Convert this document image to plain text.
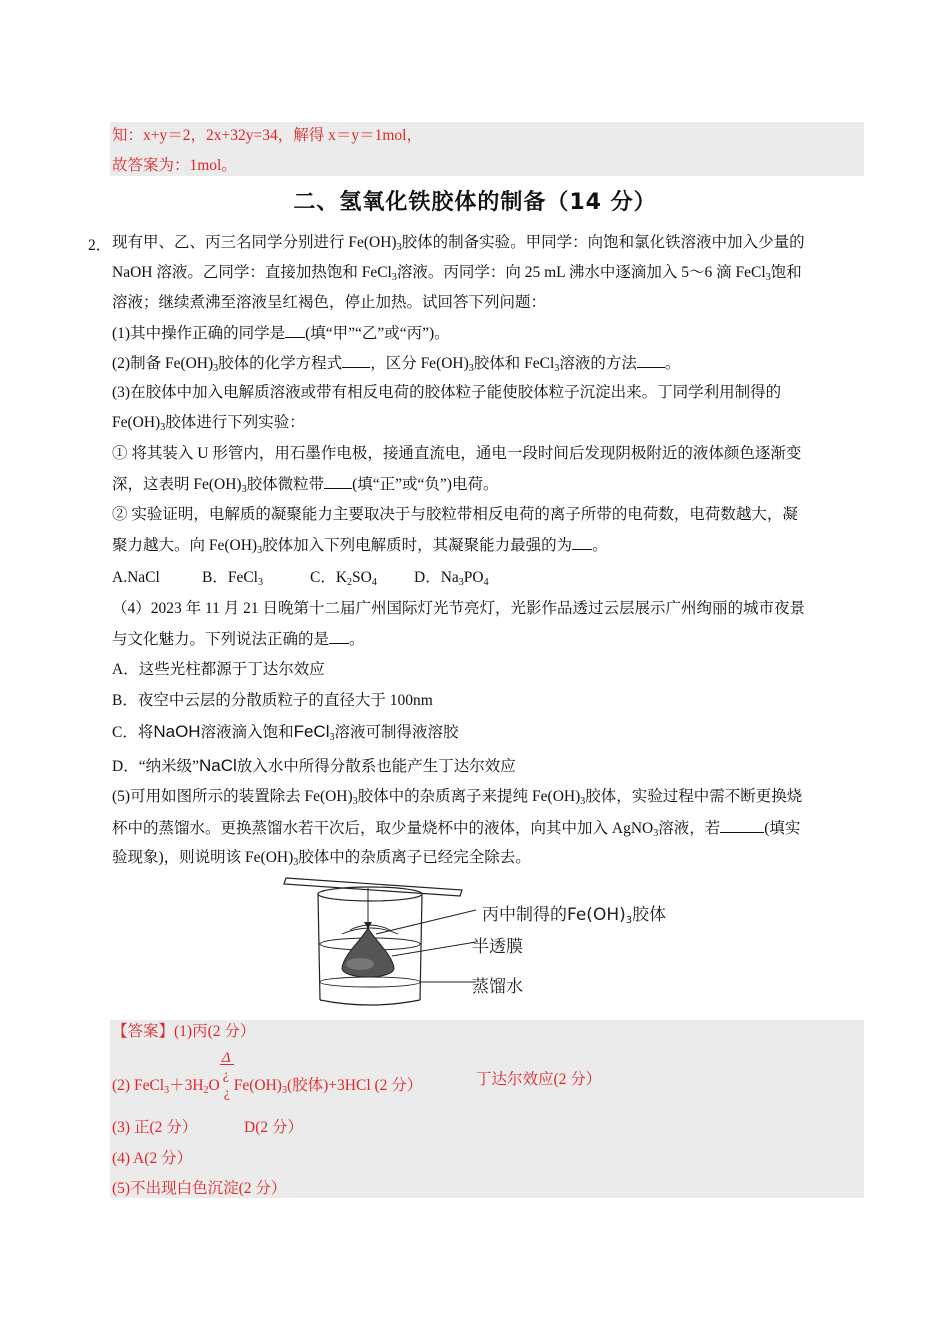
知：x+y＝2，2x+32y=34，解得 x＝y＝1mol，
故答案为：1mol。
二、氢氧化铁胶体的制备（14 分）
2． 现有甲、乙、丙三名同学分别进行 $Fe(OH)_3$胶体的制备实验。甲同学：向饱和氯化铁溶液中加入少量的
NaOH 溶液。乙同学：直接加热饱和 FeCl$_3$溶液。丙同学：向 25 mL 沸水中逐滴加入 5～6 滴 FeCl$_3$饱和
溶液；继续煮沸至溶液呈红褐色，停止加热。试回答下列问题：
(1)其中操作正确的同学是 (填“甲”“乙”或“丙”)。
(2)制备 $Fe(OH)_3$胶体的化学方程式 ，区分 $Fe(OH)_3$胶体和 FeCl$_3$溶液的方法 。
(3)在胶体中加入电解质溶液或带有相反电荷的胶体粒子能使胶体粒子沉淀出来。丁同学利用制得的
$Fe(OH)_3$胶体进行下列实验：
① 将其装入 U 形管内，用石墨作电极，接通直流电，通电一段时间后发现阴极附近的液体颜色逐渐变
深，这表明 $Fe(OH)_3$胶体微粒带 (填“正”或“负”)电荷。
② 实验证明，电解质的凝聚能力主要取决于与胶粒带相反电荷的离子所带的电荷数，电荷数越大，凝
聚力越大。向 $Fe(OH)_3$胶体加入下列电解质时，其凝聚能力最强的为 。
A.NaCl	B．FeCl$_3$	C．$K_2SO_4$ D．$Na_3PO_4$
（4）2023 年 11 月 21 日晚第十二届广州国际灯光节亮灯，光影作品透过云层展示广州绚丽的城市夜景
与文化魅力。下列说法正确的是 。
A．这些光柱都源于丁达尔效应
B．夜空中云层的分散质粒子的直径大于 100nm
C．将NaOH溶液滴入饱和FeCl$_3$溶液可制得液溶胶
D．“纳米级”NaCl放入水中所得分散系也能产生丁达尔效应
(5)可用如图所示的装置除去 $Fe(OH)_3$胶体中的杂质离子来提纯 $Fe(OH)_3$胶体，实验过程中需不断更换烧
杯中的蒸馏水。更换蒸馏水若干次后，取少量烧杯中的液体，向其中加入 AgNO$_3$溶液，若	(填实
验现象)，则说明该 $Fe(OH)_3$胶体中的杂质离子已经完全除去。
丙中制得的$Fe(OH)_3$胶体
半透膜
蒸馏水
【答案】(1)丙(2 分）
(2) $FeCl_3+3H_2O$
Δ
¿
¿ $Fe(OH)_3$(胶体)+3HCl (2 分）	丁达尔效应(2 分）
(3) 正(2 分）	D(2 分）
(4) A(2 分）
(5)不出现白色沉淀(2 分）
